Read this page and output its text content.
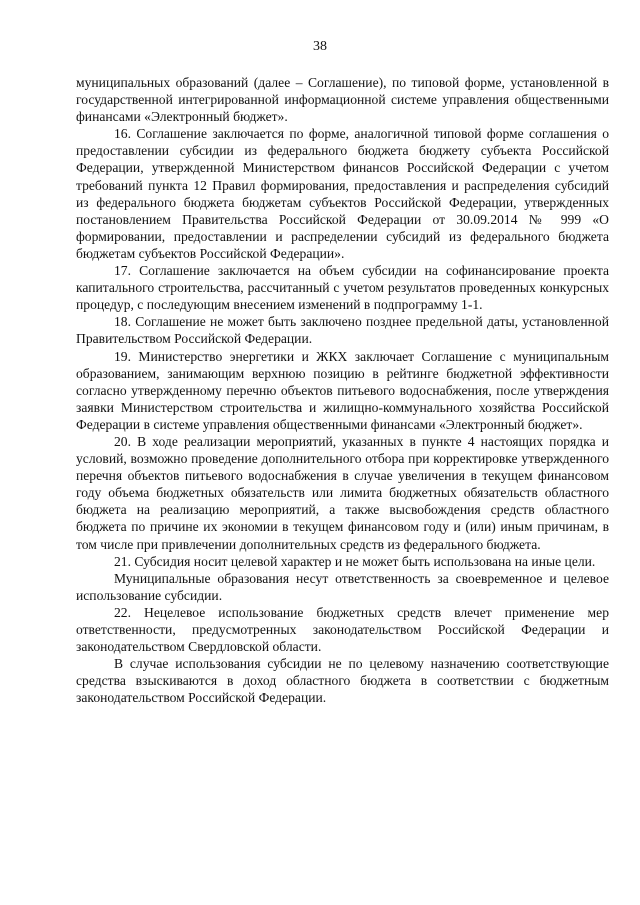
38

муниципальных образований (далее – Соглашение), по типовой форме, установленной в государственной интегрированной информационной системе управления общественными финансами «Электронный бюджет».

16. Соглашение заключается по форме, аналогичной типовой форме соглашения о предоставлении субсидии из федерального бюджета бюджету субъекта Российской Федерации, утвержденной Министерством финансов Российской Федерации с учетом требований пункта 12 Правил формирования, предоставления и распределения субсидий из федерального бюджета бюджетам субъектов Российской Федерации, утвержденных постановлением Правительства Российской Федерации от 30.09.2014 № 999 «О формировании, предоставлении и распределении субсидий из федерального бюджета бюджетам субъектов Российской Федерации».

17. Соглашение заключается на объем субсидии на софинансирование проекта капитального строительства, рассчитанный с учетом результатов проведенных конкурсных процедур, с последующим внесением изменений в подпрограмму 1-1.

18. Соглашение не может быть заключено позднее предельной даты, установленной Правительством Российской Федерации.

19. Министерство энергетики и ЖКХ заключает Соглашение с муниципальным образованием, занимающим верхнюю позицию в рейтинге бюджетной эффективности согласно утвержденному перечню объектов питьевого водоснабжения, после утверждения заявки Министерством строительства и жилищно-коммунального хозяйства Российской Федерации в системе управления общественными финансами «Электронный бюджет».

20. В ходе реализации мероприятий, указанных в пункте 4 настоящих порядка и условий, возможно проведение дополнительного отбора при корректировке утвержденного перечня объектов питьевого водоснабжения в случае увеличения в текущем финансовом году объема бюджетных обязательств или лимита бюджетных обязательств областного бюджета на реализацию мероприятий, а также высвобождения средств областного бюджета по причине их экономии в текущем финансовом году и (или) иным причинам, в том числе при привлечении дополнительных средств из федерального бюджета.

21. Субсидия носит целевой характер и не может быть использована на иные цели.

Муниципальные образования несут ответственность за своевременное и целевое использование субсидии.

22. Нецелевое использование бюджетных средств влечет применение мер ответственности, предусмотренных законодательством Российской Федерации и законодательством Свердловской области.

В случае использования субсидии не по целевому назначению соответствующие средства взыскиваются в доход областного бюджета в соответствии с бюджетным законодательством Российской Федерации.
